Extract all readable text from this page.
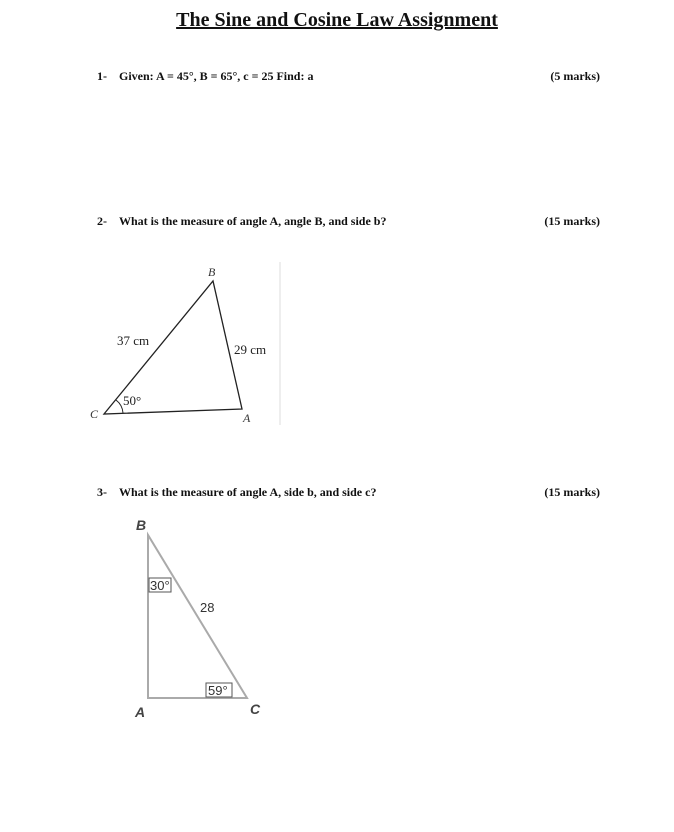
The Sine and Cosine Law Assignment
1- Given: A = 45°, B = 65°, c = 25 Find: a	(5 marks)
2- What is the measure of angle A, angle B, and side b?	(15 marks)
B
C	A
37 cm
29 cm
50°
3- What is the measure of angle A, side b, and side c?	(15 marks)
B
A	C
30°
28
59°
